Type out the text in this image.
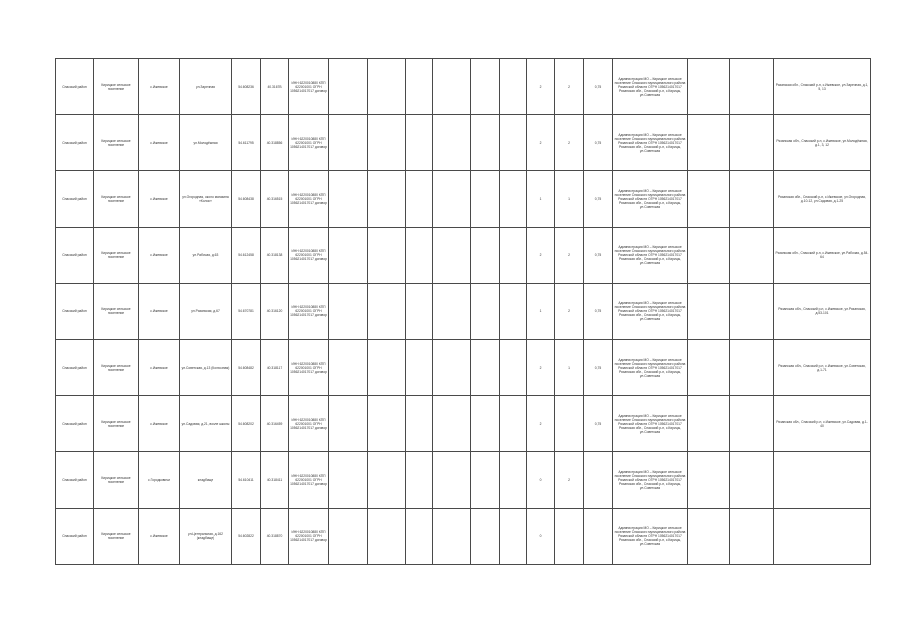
Спасский район	Кирицкое сельское поселение	с.Ижевское	ул.Заречная	54.608236	40.3167В	ИНН 6220010880 КПП 622001001 ОГРН 1056214017017 договор							2	2	0,75	Администрация МО – Кирицкое сельское поселение Спасского муниципального района Рязанской области ОГРН 1056214017017 Рязанская обл., Спасский р-н, с.Кирицы, ул.Советская			Рязанская обл., Спасский р-н, с.Ижевское, ул.Заречная, д.1, 5, 13
Спасский район	Кирицкое сельское поселение	с.Ижевское	ул.Молодёжная	54.611795	40.318856	ИНН 6220010880 КПП 622001001 ОГРН 1056214017017 договор							2	2	0,75	Администрация МО – Кирицкое сельское поселение Спасского муниципального района Рязанской области ОГРН 1056214017017 Рязанская обл., Спасский р-н, с.Кирицы, ул.Советская			Рязанская обл., Спасский р-н, с.Ижевское, ул.Молодёжная, д.1, 3, 12
Спасский район	Кирицкое сельское поселение	с.Ижевское	ул.Огородная, около магазина «Колос»	54.608438	40.316515	ИНН 6220010880 КПП 622001001 ОГРН 1056214017017 договор							1	1	0,75	Администрация МО – Кирицкое сельское поселение Спасского муниципального района Рязанской области ОГРН 1056214017017 Рязанская обл., Спасский р-н, с.Кирицы, ул.Советская			Рязанская обл., Спасский р-н, с.Ижевское, ул.Огородная, д.10-12, ул.Садовая, д.1-25
Спасский район	Кирицкое сельское поселение	с.Ижевское	ул.Рабочая, д.63	54.612458	40.318138	ИНН 6220010880 КПП 622001001 ОГРН 1056214017017 договор							2	2	0,75	Администрация МО – Кирицкое сельское поселение Спасского муниципального района Рязанской области ОГРН 1056214017017 Рязанская обл., Спасский р-н, с.Кирицы, ул.Советская			Рязанская обл., Спасский р-н, с.Ижевское, ул.Рабочая, д.54-64
Спасский район	Кирицкое сельское поселение	с.Ижевское	ул.Рязанская, д.67	54.670781	40.316120	ИНН 6220010880 КПП 622001001 ОГРН 1056214017017 договор							1	2	0,75	Администрация МО – Кирицкое сельское поселение Спасского муниципального района Рязанской области ОГРН 1056214017017 Рязанская обл., Спасский р-н, с.Кирицы, ул.Советская			Рязанская обл., Спасский р-н, с.Ижевское, ул.Рязанская, д.53-101
Спасский район	Кирицкое сельское поселение	с.Ижевское	ул.Советская, д.13 (Колхозная)	54.608482	40.318117	ИНН 6220010880 КПП 622001001 ОГРН 1056214017017 договор							2	1	0,75	Администрация МО – Кирицкое сельское поселение Спасского муниципального района Рязанской области ОГРН 1056214017017 Рязанская обл., Спасский р-н, с.Кирицы, ул.Советская			Рязанская обл., Спасский р-н, с.Ижевское, ул.Советская, д.1-71
Спасский район	Кирицкое сельское поселение	с.Ижевское	ул.Садовая, д.21, возле школы	54.608202	40.316459	ИНН 6220010880 КПП 622001001 ОГРН 1056214017017 договор							2		0,75	Администрация МО – Кирицкое сельское поселение Спасского муниципального района Рязанской области ОГРН 1056214017017 Рязанская обл., Спасский р-н, с.Кирицы, ул.Советская			Рязанская обл., Спасский р-н, с.Ижевское, ул.Садовая, д.1-40
Спасский район	Кирицкое сельское поселение	с.Городковичи	кладбище	54.610411	40.318411	ИНН 6220010880 КПП 622001001 ОГРН 1056214017017 договор							0	2		Администрация МО – Кирицкое сельское поселение Спасского муниципального района Рязанской области ОГРН 1056214017017 Рязанская обл., Спасский р-н, с.Кирицы, ул.Советская			
Спасский район	Кирицкое сельское поселение	с.Ижевское	ул.Центральная, д.162 (кладбище)	54.602822	40.318870	ИНН 6220010880 КПП 622001001 ОГРН 1056214017017 договор							0			Администрация МО – Кирицкое сельское поселение Спасского муниципального района Рязанской области ОГРН 1056214017017 Рязанская обл., Спасский р-н, с.Кирицы, ул.Советская			
